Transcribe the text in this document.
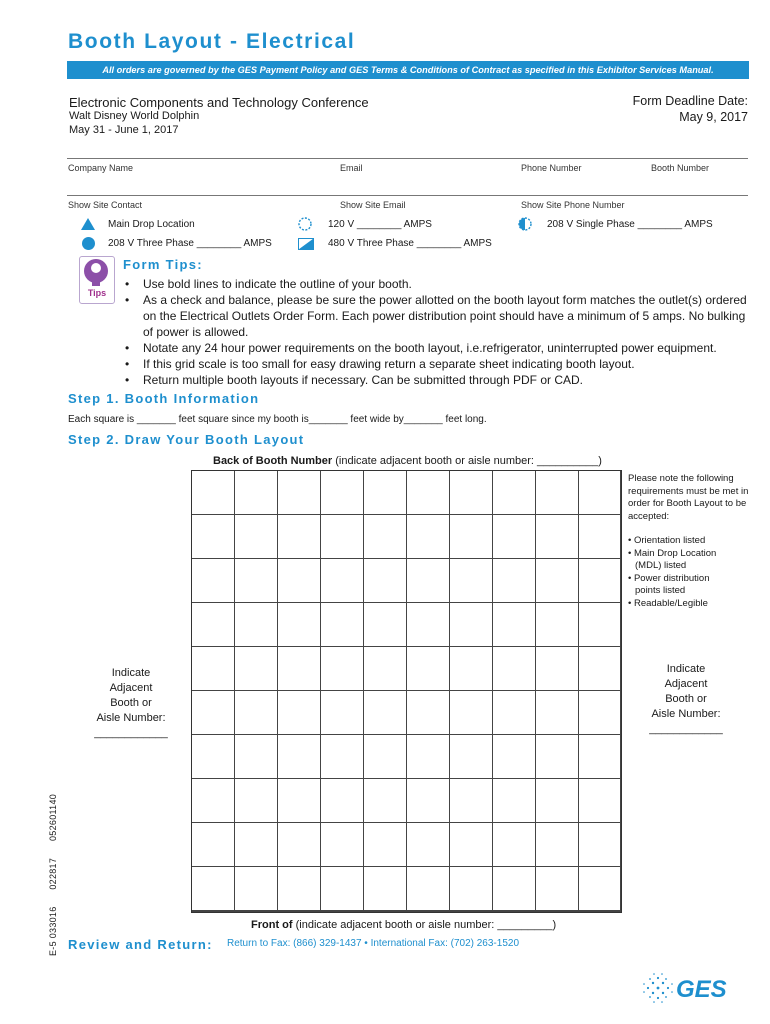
Booth Layout - Electrical
All orders are governed by the GES Payment Policy and GES Terms & Conditions of Contract as specified in this Exhibitor Services Manual.
Electronic Components and Technology Conference
Walt Disney World Dolphin
May 31 - June 1, 2017
Form Deadline Date:
May 9, 2017
Company Name	Email	Phone Number	Booth Number
Show Site Contact	Show Site Email	Show Site Phone Number
Main Drop Location	120 V ________ AMPS	208 V Single Phase ________ AMPS
208 V Three Phase ________ AMPS	480 V Three Phase ________ AMPS
Tips
Form Tips:
• Use bold lines to indicate the outline of your booth.
• As a check and balance, please be sure the power allotted on the booth layout form matches the outlet(s) ordered on the Electrical Outlets Order Form. Each power distribution point should have a minimum of 5 amps. No bulking of power is allowed.
• Notate any 24 hour power requirements on the booth layout, i.e.refrigerator, uninterrupted power equipment.
• If this grid scale is too small for easy drawing return a separate sheet indicating booth layout.
• Return multiple booth layouts if necessary. Can be submitted through PDF or CAD.
Step 1. Booth Information
Each square is _______ feet square since my booth is_______ feet wide by_______ feet long.
Step 2. Draw Your Booth Layout
Back of Booth Number (indicate adjacent booth or aisle number: __________)
Indicate
Adjacent
Booth or
Aisle Number:
____________
Indicate
Adjacent
Booth or
Aisle Number:
____________
Please note the following requirements must be met in order for Booth Layout to be accepted:
• Orientation listed
• Main Drop Location
(MDL) listed
• Power distribution
points listed
• Readable/Legible
Front of (indicate adjacent booth or aisle number: _________)
E-5 033016      022817      052601140 Review and Return: Return to Fax: (866) 329-1437 • International Fax: (702) 263-1520
GES
